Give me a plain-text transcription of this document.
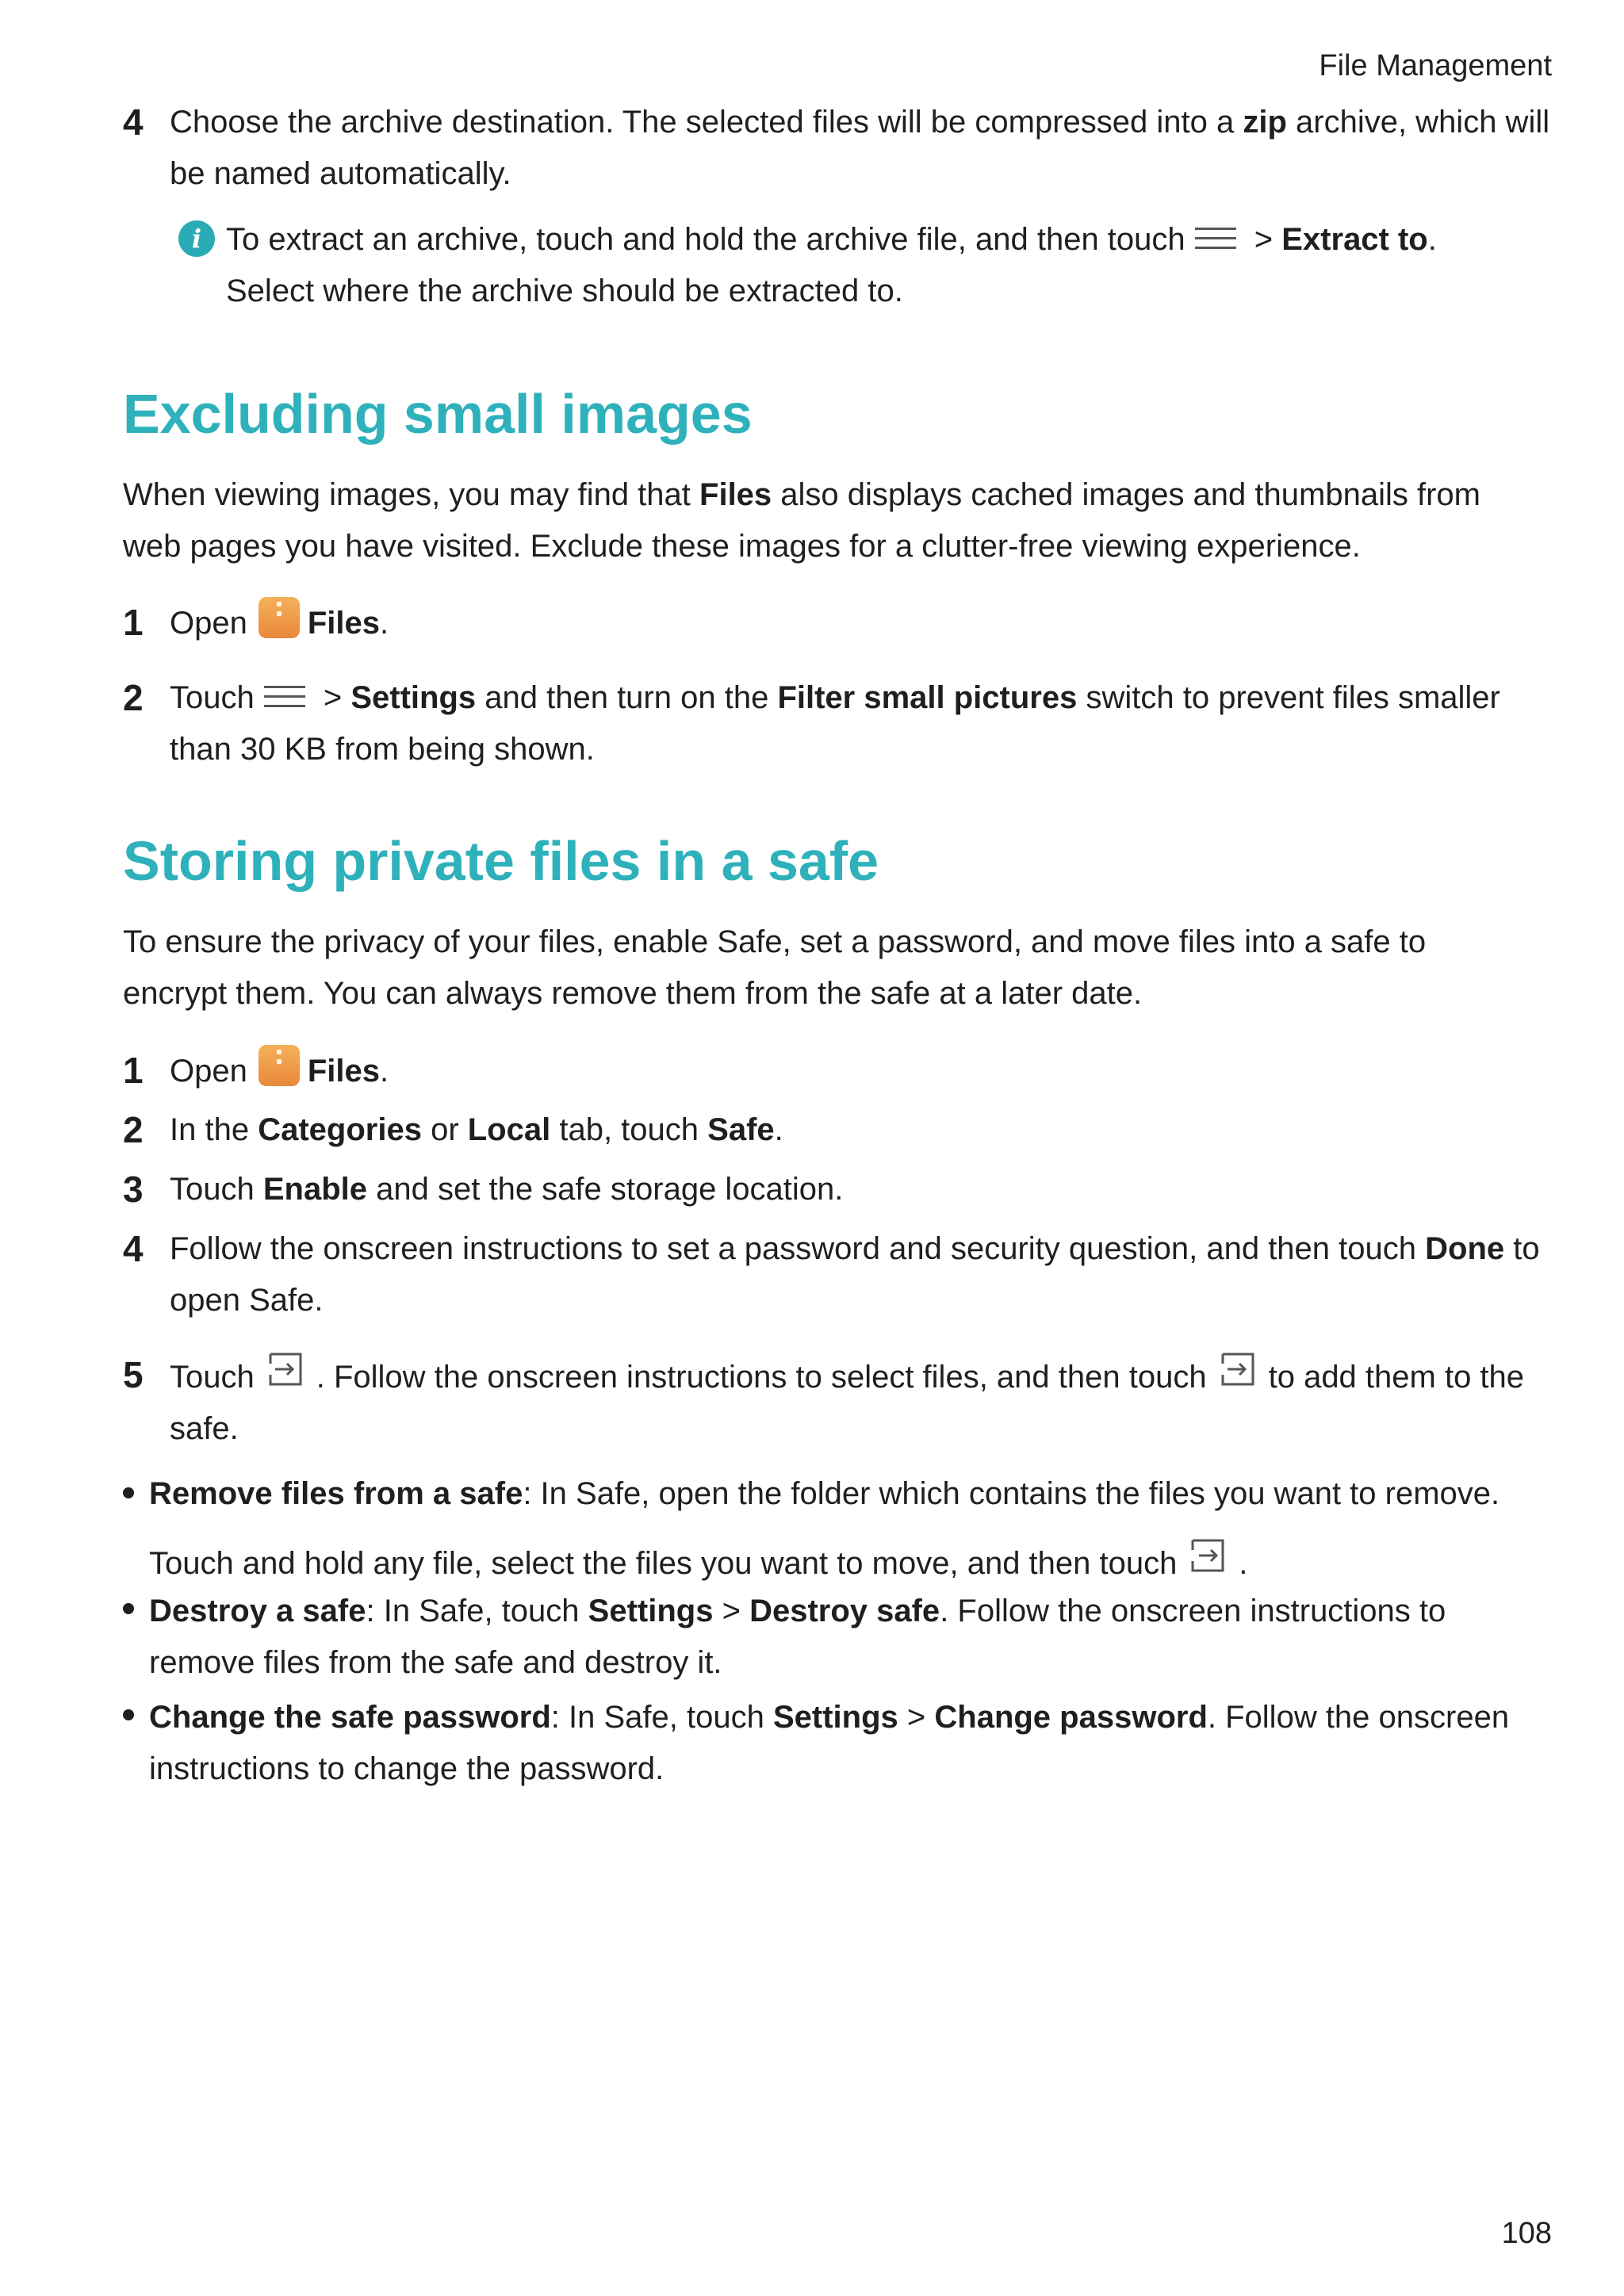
File Management
4 Choose the archive destination. The selected files will be compressed into a zip archive, which will be named automatically.
i To extract an archive, touch and hold the archive file, and then touch
> Extract to. Select where the archive should be extracted to.
Excluding small images
When viewing images, you may find that Files also displays cached images and thumbnails from web pages you have visited. Exclude these images for a clutter-free viewing experience.
1 Open Files.
2 Touch
> Settings and then turn on the Filter small pictures switch to prevent files smaller than 30 KB from being shown.
Storing private files in a safe
To ensure the privacy of your files, enable Safe, set a password, and move files into a safe to encrypt them. You can always remove them from the safe at a later date.
1 Open Files.
2 In the Categories or Local tab, touch Safe.
3 Touch Enable and set the safe storage location.
4 Follow the onscreen instructions to set a password and security question, and then touch Done to open Safe.
5 Touch . Follow the onscreen instructions to select files, and then touch to add them to the safe.
Remove files from a safe: In Safe, open the folder which contains the files you want to remove. Touch and hold any file, select the files you want to move, and then touch .
Destroy a safe: In Safe, touch Settings > Destroy safe. Follow the onscreen instructions to remove files from the safe and destroy it.
Change the safe password: In Safe, touch Settings > Change password. Follow the onscreen instructions to change the password.
108
